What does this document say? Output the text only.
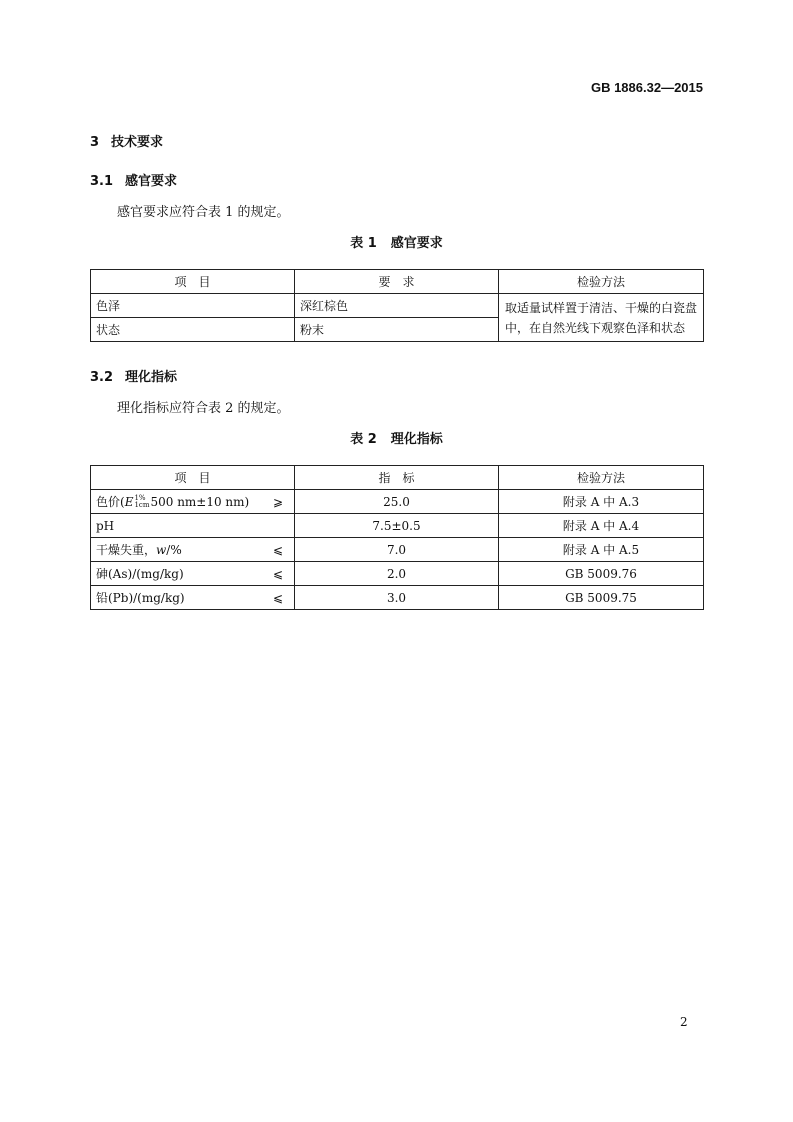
GB 1886.32—2015
3 技术要求
3.1 感官要求
感官要求应符合表 1 的规定。
表 1 感官要求
项　目	要　求	检验方法
色泽	深红棕色	取适量试样置于清洁、干燥的白瓷盘中，在自然光线下观察色泽和状态
状态	粉末	
3.2 理化指标
理化指标应符合表 2 的规定。
表 2 理化指标
项　目	指　标	检验方法

色价(E 1%
1cm 500 nm±10 nm) ⩾	25.0	附录 A 中 A.3
pH	7.5±0.5	附录 A 中 A.4

干燥失重，w/% ⩽	7.0	附录 A 中 A.5

砷(As)/(mg/kg) ⩽	2.0	GB 5009.76

铅(Pb)/(mg/kg) ⩽	3.0	GB 5009.75
2
